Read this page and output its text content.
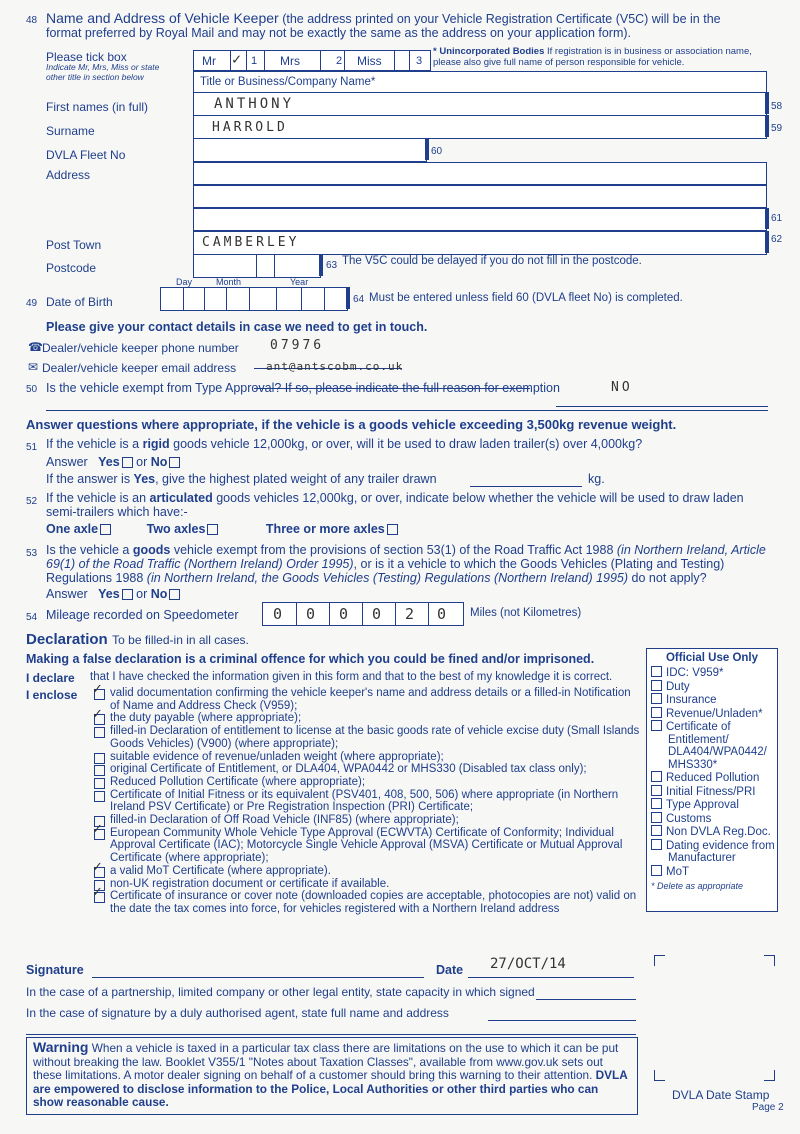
48 Name and Address of Vehicle Keeper (the address printed on your Vehicle Registration Certificate (V5C) will be in the format preferred by Royal Mail and may not be exactly the same as the address on your application form).
Please tick box
Indicate Mr, Mrs, Miss or state other title in section below
Mr ✓ 1 Mrs	2 Miss	3
* Unincorporated Bodies If registration is in business or association name, please also give full name of person responsible for vehicle.
Title or Business/Company Name*
First names (in full)	ANTHONY	58
Surname	HARROLD	59
DVLA Fleet No	60
Address
61
Post Town	CAMBERLEY	62
Postcode	63 The V5C could be delayed if you do not fill in the postcode.
Day	Month	Year
49 Date of Birth	64 Must be entered unless field 60 (DVLA fleet No) is completed.
Please give your contact details in case we need to get in touch.
☎ Dealer/vehicle keeper phone number 07976
✉ Dealer/vehicle keeper email address	ant@antscobm.co.uk
50 Is the vehicle exempt from Type Approval? If so, please indicate the full reason for exemption	NO
Answer questions where appropriate, if the vehicle is a goods vehicle exceeding 3,500kg revenue weight.
51 If the vehicle is a rigid goods vehicle 12,000kg, or over, will it be used to draw laden trailer(s) over 4,000kg?
Answer Yes or No
If the answer is Yes, give the highest plated weight of any trailer drawn	kg.
52 If the vehicle is an articulated goods vehicles 12,000kg, or over, indicate below whether the vehicle will be used to draw laden semi-trailers which have:-
One axle	Two axles	Three or more axles
53 Is the vehicle a goods vehicle exempt from the provisions of section 53(1) of the Road Traffic Act 1988 (in Northern Ireland, Article 69(1) of the Road Traffic (Northern Ireland) Order 1995), or is it a vehicle to which the Goods Vehicles (Plating and Testing) Regulations 1988 (in Northern Ireland, the Goods Vehicles (Testing) Regulations (Northern Ireland) 1995) do not apply?
Answer Yes or No
54 Mileage recorded on Speedometer 0 0 0 0 2 0 Miles (not Kilometres)
Declaration To be filled-in in all cases.
Making a false declaration is a criminal offence for which you could be fined and/or imprisoned.
I declare that I have checked the information given in this form and that to the best of my knowledge it is correct.
I enclose ✓ valid documentation confirming the vehicle keeper's name and address details or a filled-in Notification of Name and Address Check (V959);
✓ the duty payable (where appropriate);
filled-in Declaration of entitlement to license at the basic goods rate of vehicle excise duty (Small Islands Goods Vehicles) (V900) (where appropriate);
suitable evidence of revenue/unladen weight (where appropriate);
original Certificate of Entitlement, or DLA404, WPA0442 or MHS330 (Disabled tax class only);
Reduced Pollution Certificate (where appropriate);
Certificate of Initial Fitness or its equivalent (PSV401, 408, 500, 506) where appropriate (in Northern Ireland PSV Certificate) or Pre Registration Inspection (PRI) Certificate;
filled-in Declaration of Off Road Vehicle (INF85) (where appropriate);
✓ European Community Whole Vehicle Type Approval (ECWVTA) Certificate of Conformity; Individual Approval Certificate (IAC); Motorcycle Single Vehicle Approval (MSVA) Certificate or Mutual Approval Certificate (where appropriate);
✓ a valid MoT Certificate (where appropriate).
non-UK registration document or certificate if available.
✓ Certificate of insurance or cover note (downloaded copies are acceptable, photocopies are not) valid on the date the tax comes into force, for vehicles registered with a Northern Ireland address
Official Use Only
IDC: V959*
Duty
Insurance
Revenue/Unladen*
Certificate of Entitlement/ DLA404/WPA0442/ MHS330*
Reduced Pollution
Initial Fitness/PRI
Type Approval
Customs
Non DVLA Reg.Doc.
Dating evidence from Manufacturer
MoT
* Delete as appropriate
Signature	Date 27/OCT/14
In the case of a partnership, limited company or other legal entity, state capacity in which signed
In the case of signature by a duly authorised agent, state full name and address
Warning When a vehicle is taxed in a particular tax class there are limitations on the use to which it can be put without breaking the law. Booklet V355/1 "Notes about Taxation Classes", available from www.gov.uk sets out these limitations. A motor dealer signing on behalf of a customer should bring this warning to their attention. DVLA are empowered to disclose information to the Police, Local Authorities or other third parties who can show reasonable cause.	DVLA Date Stamp
Page 2
